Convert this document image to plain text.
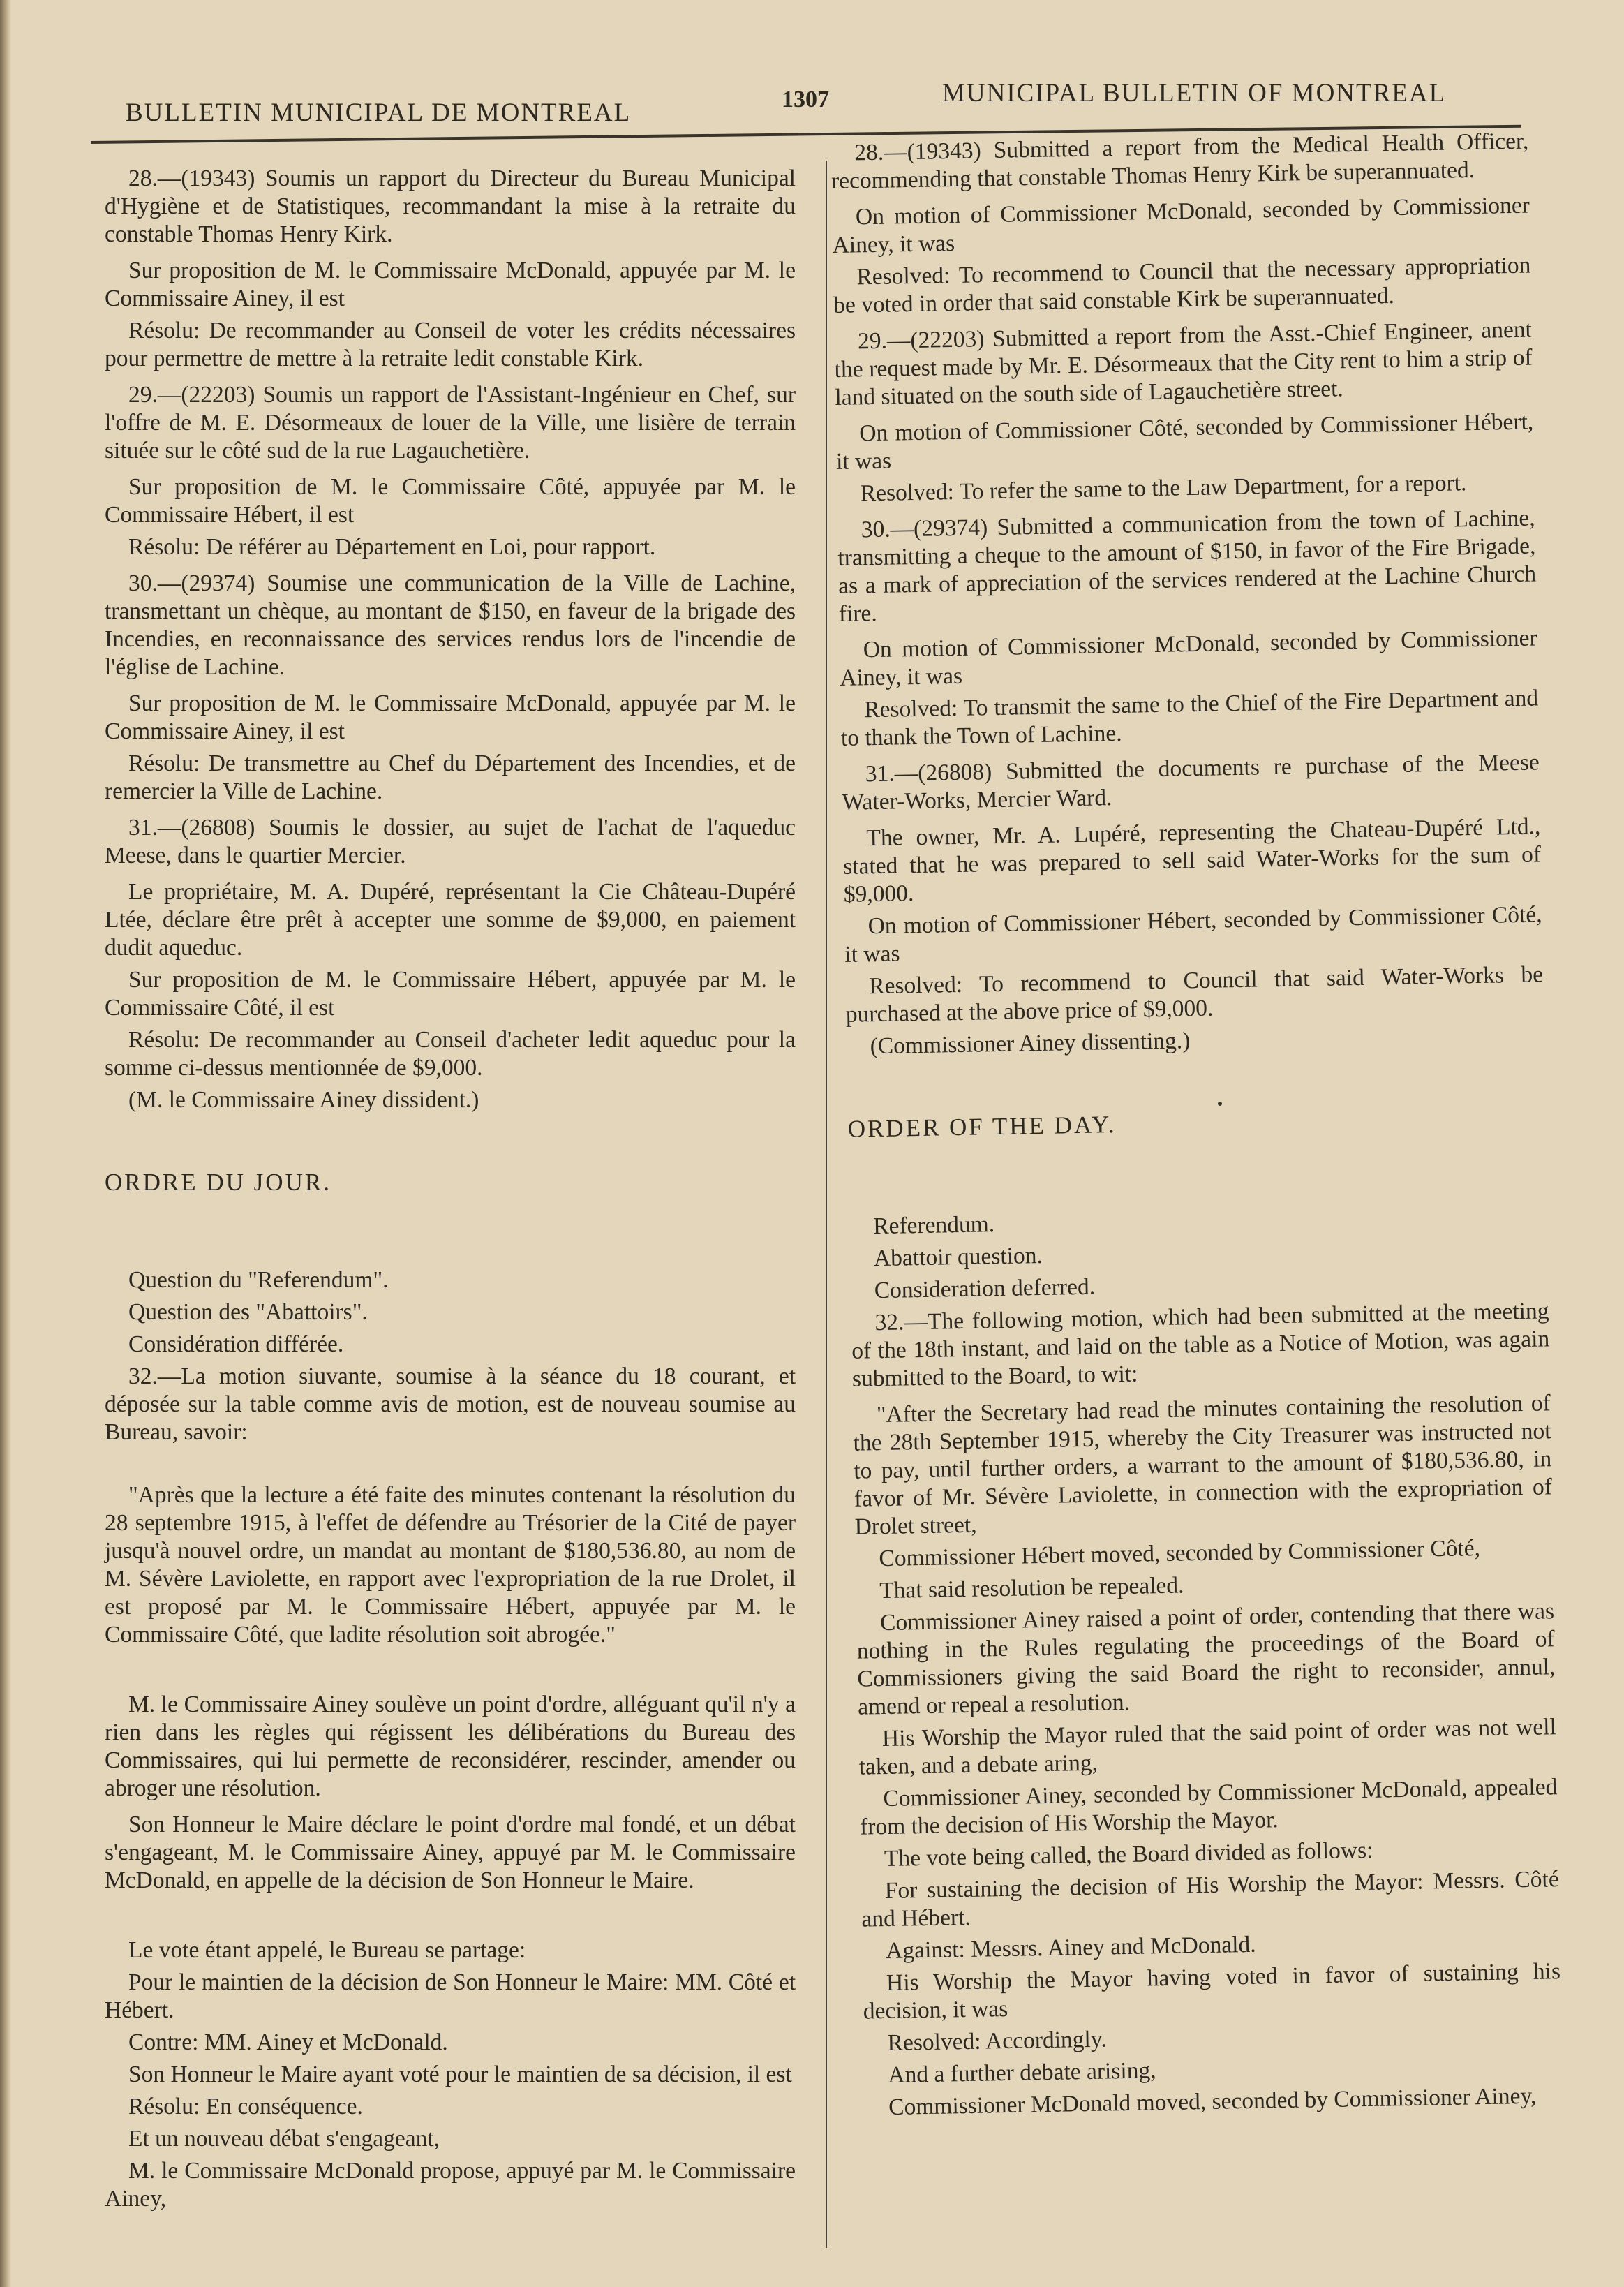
BULLETIN MUNICIPAL DE MONTREAL	1307	MUNICIPAL BULLETIN OF MONTREAL

28.—(19343) Soumis un rapport du Directeur du Bureau Municipal d'Hygiène et de Statistiques, recommandant la mise à la retraite du constable Thomas Henry Kirk.

Sur proposition de M. le Commissaire McDonald, appuyée par M. le Commissaire Ainey, il est

Résolu: De recommander au Conseil de voter les crédits nécessaires pour permettre de mettre à la retraite ledit constable Kirk.

29.—(22203) Soumis un rapport de l'Assistant-Ingénieur en Chef, sur l'offre de M. E. Désormeaux de louer de la Ville, une lisière de terrain située sur le côté sud de la rue Lagauchetière.

Sur proposition de M. le Commissaire Côté, appuyée par M. le Commissaire Hébert, il est

Résolu: De référer au Département en Loi, pour rapport.

30.—(29374) Soumise une communication de la Ville de Lachine, transmettant un chèque, au montant de $150, en faveur de la brigade des Incendies, en reconnaissance des services rendus lors de l'incendie de l'église de Lachine.

Sur proposition de M. le Commissaire McDonald, appuyée par M. le Commissaire Ainey, il est

Résolu: De transmettre au Chef du Département des Incendies, et de remercier la Ville de Lachine.

31.—(26808) Soumis le dossier, au sujet de l'achat de l'aqueduc Meese, dans le quartier Mercier.

Le propriétaire, M. A. Dupéré, représentant la Cie Château-Dupéré Ltée, déclare être prêt à accepter une somme de $9,000, en paiement dudit aqueduc.

Sur proposition de M. le Commissaire Hébert, appuyée par M. le Commissaire Côté, il est

Résolu: De recommander au Conseil d'acheter ledit aqueduc pour la somme ci-dessus mentionnée de $9,000.

(M. le Commissaire Ainey dissident.)

ORDRE DU JOUR.

Question du "Referendum".

Question des "Abattoirs".

Considération différée.

32.—La motion siuvante, soumise à la séance du 18 courant, et déposée sur la table comme avis de motion, est de nouveau soumise au Bureau, savoir:

"Après que la lecture a été faite des minutes contenant la résolution du 28 septembre 1915, à l'effet de défendre au Trésorier de la Cité de payer jusqu'à nouvel ordre, un mandat au montant de $180,536.80, au nom de M. Sévère Laviolette, en rapport avec l'expropriation de la rue Drolet, il est proposé par M. le Commissaire Hébert, appuyée par M. le Commissaire Côté, que ladite résolution soit abrogée."

M. le Commissaire Ainey soulève un point d'ordre, alléguant qu'il n'y a rien dans les règles qui régissent les délibérations du Bureau des Commissaires, qui lui permette de reconsidérer, rescinder, amender ou abroger une résolution.

Son Honneur le Maire déclare le point d'ordre mal fondé, et un débat s'engageant, M. le Commissaire Ainey, appuyé par M. le Commissaire McDonald, en appelle de la décision de Son Honneur le Maire.

Le vote étant appelé, le Bureau se partage:

Pour le maintien de la décision de Son Honneur le Maire: MM. Côté et Hébert.

Contre: MM. Ainey et McDonald.

Son Honneur le Maire ayant voté pour le maintien de sa décision, il est

Résolu: En conséquence.

Et un nouveau débat s'engageant,

M. le Commissaire McDonald propose, appuyé par M. le Commissaire Ainey,

28.—(19343) Submitted a report from the Medical Health Officer, recommending that constable Thomas Henry Kirk be superannuated.

On motion of Commissioner McDonald, seconded by Commissioner Ainey, it was

Resolved: To recommend to Council that the necessary appropriation be voted in order that said constable Kirk be superannuated.

29.—(22203) Submitted a report from the Asst.-Chief Engineer, anent the request made by Mr. E. Désormeaux that the City rent to him a strip of land situated on the south side of Lagauchetière street.

On motion of Commissioner Côté, seconded by Commissioner Hébert, it was

Resolved: To refer the same to the Law Department, for a report.

30.—(29374) Submitted a communication from the town of Lachine, transmitting a cheque to the amount of $150, in favor of the Fire Brigade, as a mark of appreciation of the services rendered at the Lachine Church fire.

On motion of Commissioner McDonald, seconded by Commissioner Ainey, it was

Resolved: To transmit the same to the Chief of the Fire Department and to thank the Town of Lachine.

31.—(26808) Submitted the documents re purchase of the Meese Water-Works, Mercier Ward.

The owner, Mr. A. Lupéré, representing the Chateau-Dupéré Ltd., stated that he was prepared to sell said Water-Works for the sum of $9,000.

On motion of Commissioner Hébert, seconded by Commissioner Côté, it was

Resolved: To recommend to Council that said Water-Works be purchased at the above price of $9,000.

(Commissioner Ainey dissenting.)

ORDER OF THE DAY.

Referendum.

Abattoir question.

Consideration deferred.

32.—The following motion, which had been submitted at the meeting of the 18th instant, and laid on the table as a Notice of Motion, was again submitted to the Board, to wit:

"After the Secretary had read the minutes containing the resolution of the 28th September 1915, whereby the City Treasurer was instructed not to pay, until further orders, a warrant to the amount of $180,536.80, in favor of Mr. Sévère Laviolette, in connection with the expropriation of Drolet street,

Commissioner Hébert moved, seconded by Commissioner Côté,

That said resolution be repealed.

Commissioner Ainey raised a point of order, contending that there was nothing in the Rules regulating the proceedings of the Board of Commissioners giving the said Board the right to reconsider, annul, amend or repeal a resolution.

His Worship the Mayor ruled that the said point of order was not well taken, and a debate aring,

Commissioner Ainey, seconded by Commissioner McDonald, appealed from the decision of His Worship the Mayor.

The vote being called, the Board divided as follows:

For sustaining the decision of His Worship the Mayor: Messrs. Côté and Hébert.

Against: Messrs. Ainey and McDonald.

His Worship the Mayor having voted in favor of sustaining his decision, it was

Resolved: Accordingly.

And a further debate arising,

Commissioner McDonald moved, seconded by Commissioner Ainey,
